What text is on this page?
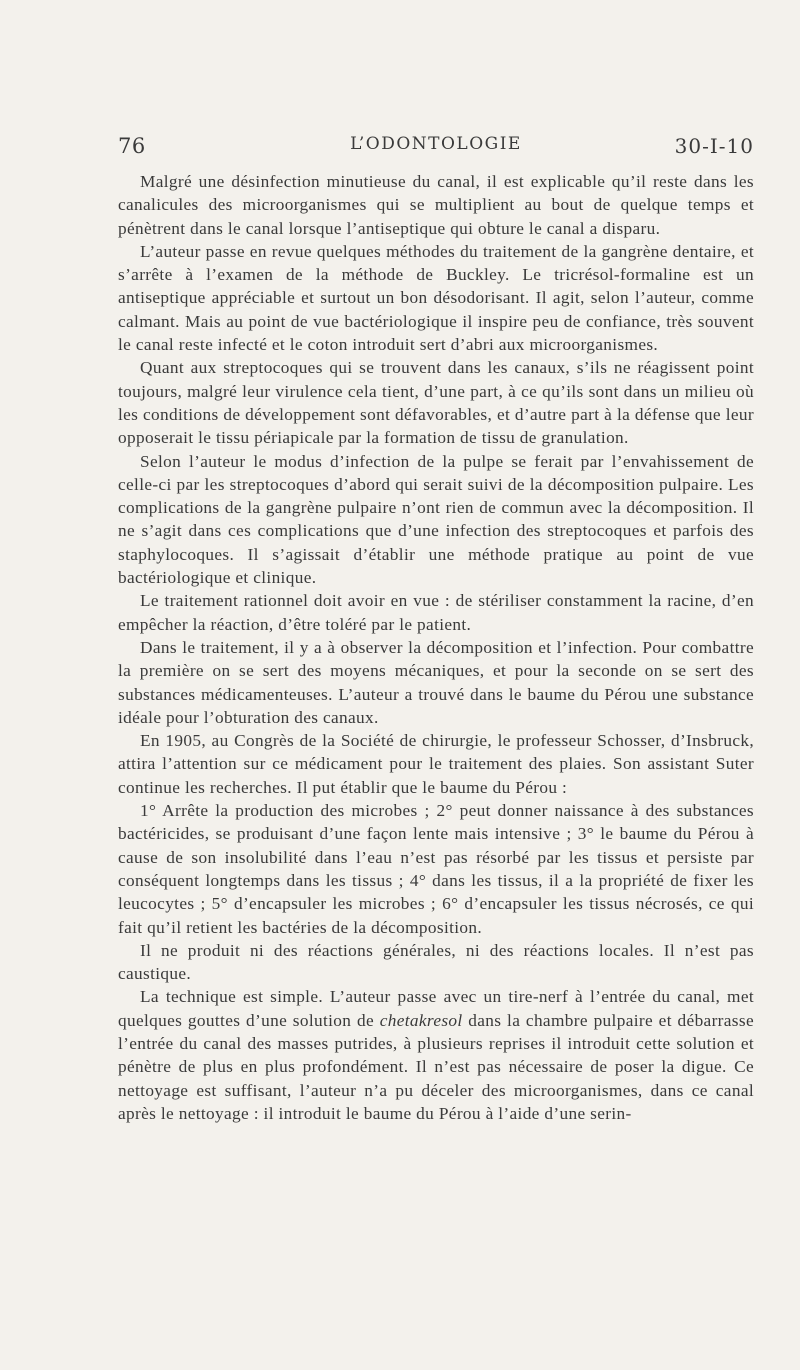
76	L’ODONTOLOGIE	30-I-10

Malgré une désinfection minutieuse du canal, il est explicable qu’il reste dans les canalicules des microorganismes qui se multiplient au bout de quelque temps et pénètrent dans le canal lorsque l’antiseptique qui obture le canal a disparu.

L’auteur passe en revue quelques méthodes du traitement de la gangrène dentaire, et s’arrête à l’examen de la méthode de Buckley. Le tricrésol-formaline est un antiseptique appréciable et surtout un bon désodorisant. Il agit, selon l’auteur, comme calmant. Mais au point de vue bactériologique il inspire peu de confiance, très souvent le canal reste infecté et le coton introduit sert d’abri aux microorganismes.

Quant aux streptocoques qui se trouvent dans les canaux, s’ils ne réagissent point toujours, malgré leur virulence cela tient, d’une part, à ce qu’ils sont dans un milieu où les conditions de développement sont défavorables, et d’autre part à la défense que leur opposerait le tissu périapicale par la formation de tissu de granulation.

Selon l’auteur le modus d’infection de la pulpe se ferait par l’envahissement de celle-ci par les streptocoques d’abord qui serait suivi de la décomposition pulpaire. Les complications de la gangrène pulpaire n’ont rien de commun avec la décomposition. Il ne s’agit dans ces complications que d’une infection des streptocoques et parfois des staphylocoques. Il s’agissait d’établir une méthode pratique au point de vue bactériologique et clinique.

Le traitement rationnel doit avoir en vue : de stériliser constamment la racine, d’en empêcher la réaction, d’être toléré par le patient.

Dans le traitement, il y a à observer la décomposition et l’infection. Pour combattre la première on se sert des moyens mécaniques, et pour la seconde on se sert des substances médicamenteuses. L’auteur a trouvé dans le baume du Pérou une substance idéale pour l’obturation des canaux.

En 1905, au Congrès de la Société de chirurgie, le professeur Schosser, d’Insbruck, attira l’attention sur ce médicament pour le traitement des plaies. Son assistant Suter continue les recherches. Il put établir que le baume du Pérou :

1° Arrête la production des microbes ; 2° peut donner naissance à des substances bactéricides, se produisant d’une façon lente mais intensive ; 3° le baume du Pérou à cause de son insolubilité dans l’eau n’est pas résorbé par les tissus et persiste par conséquent longtemps dans les tissus ; 4° dans les tissus, il a la propriété de fixer les leucocytes ; 5° d’encapsuler les microbes ; 6° d’encapsuler les tissus nécrosés, ce qui fait qu’il retient les bactéries de la décomposition.

Il ne produit ni des réactions générales, ni des réactions locales. Il n’est pas caustique.

La technique est simple. L’auteur passe avec un tire-nerf à l’entrée du canal, met quelques gouttes d’une solution de chetakresol dans la chambre pulpaire et débarrasse l’entrée du canal des masses putrides, à plusieurs reprises il introduit cette solution et pénètre de plus en plus profondément. Il n’est pas nécessaire de poser la digue. Ce nettoyage est suffisant, l’auteur n’a pu déceler des microorganismes, dans ce canal après le nettoyage : il introduit le baume du Pérou à l’aide d’une serin-
